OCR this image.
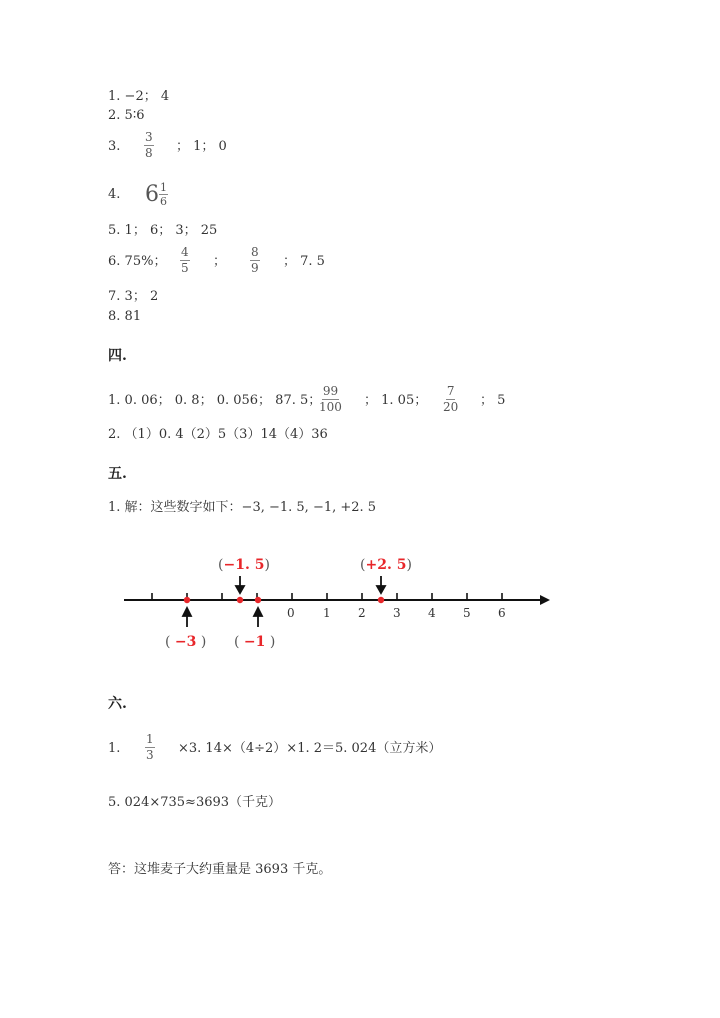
1. −2； 4
2. 5∶6
3. $\frac{3}{8}$ ； 1； 0
4. $6 \frac{1}{6}$
5. 1； 6； 3； 25
6. 75%； $\frac{4}{5}$ ； $\frac{8}{9}$ ； 7. 5
7. 3； 2
8. 81
四.
1. 0. 06； 0. 8； 0. 056； 87. 5；
$\frac{99}{100}$ ； 1. 05； $\frac{7}{20}$ ； 5
2. （1）0. 4（2）5（3）14（4）36
五.
1. 解：这些数字如下：−3, −1. 5, −1, +2. 5
0 1 2 3 4 5 6
(−1. 5)	(+2. 5)
( −3 ) ( −1 )
六.
1. $\frac{1}{3} \times 3$. 14×（4÷2）×1. 2＝5. 024（立方米）
5. 024×735≈3693（千克）
答：这堆麦子大约重量是 3693 千克。
